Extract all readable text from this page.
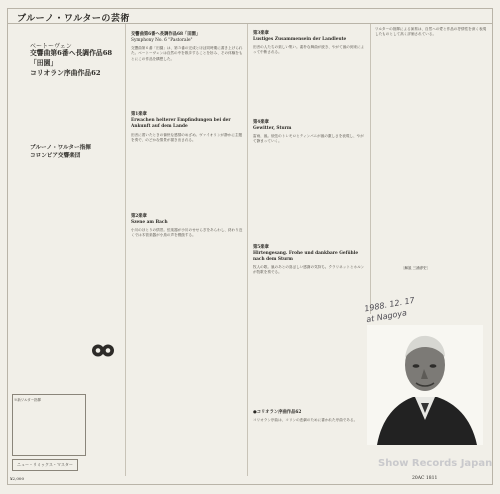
ブルーノ・ワルターの芸術
ベートーヴェン
交響曲第6番ヘ長調作品68
「田園」
コリオラン序曲作品62
ブルーノ・ワルター指揮
コロンビア交響楽団
交響曲第6番ヘ長調作品68「田園」
Symphony No. 6 "Pastorale"
交響曲第６番「田園」は、第５番の完成とほぼ同時期に書き上げられた。ベートーヴェンは自然の中を散歩することを好み、その体験をもとにこの作品を構想した。
第1楽章
Erwachen heiterer Empfindungen bei der Ankunft auf dem Lande
田舎に着いたときの愉快な感情のめざめ。ヴァイオリンが静かに主題を奏で、のどかな情景が描き出される。
第2楽章
Szene am Bach
小川のほとりの情景。弦楽器が小川のせせらぎをあらわし、終わり近くでは木管楽器が小鳥の声を模倣する。
第3楽章
Lustiges Zusammensein der Landleute
田舎の人たちの楽しい集い。素朴な舞曲が続き、やがて嵐の到来によって中断される。
第4楽章
Gewitter, Sturm
雷雨、嵐。低弦のトレモロとティンパニが嵐の激しさを表現し、やがて静まっていく。
第5楽章
Hirtengesang. Frohe und dankbare Gefühle nach dem Sturm
牧人の歌。嵐のあとの喜ばしい感謝の気持ち。クラリネットとホルンが牧歌を奏でる。
●コリオラン序曲作品62
コリオラン序曲は、コリンの悲劇のために書かれた序曲である。
ワルターの指揮による演奏は、自然への愛と作品の抒情性を深く表現したものとして高く評価されている。
〔解説 三浦淳史〕
1988. 12. 17
at Nagoya
※新ワルター指揮
ニュー・リミックス・マスター
¥2,000	20AC 1811
Show Records Japan
